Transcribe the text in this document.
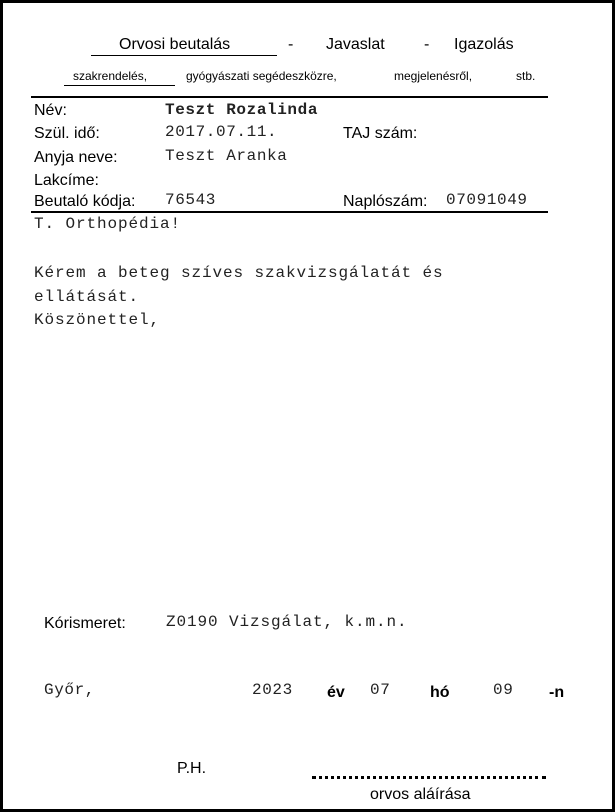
Orvosi beutalás	- Javaslat - Igazolás
szakrendelés,	gyógyászati segédeszközre,	megjelenésről,	stb.
Név:	Teszt Rozalinda
Szül. idő:	2017.07.11.	TAJ szám:
Anyja neve:	Teszt Aranka
Lakcíme:
Beutaló kódja: 76543	Naplószám: 07091049
T. Orthopédia!
Kérem a beteg szíves szakvizsgálatát és
ellátását.
Köszönettel,
Kórismeret:	Z0190 Vizsgálat, k.m.n.
Győr,	2023 év 07 hó	09 -n
P.H.
orvos aláírása
